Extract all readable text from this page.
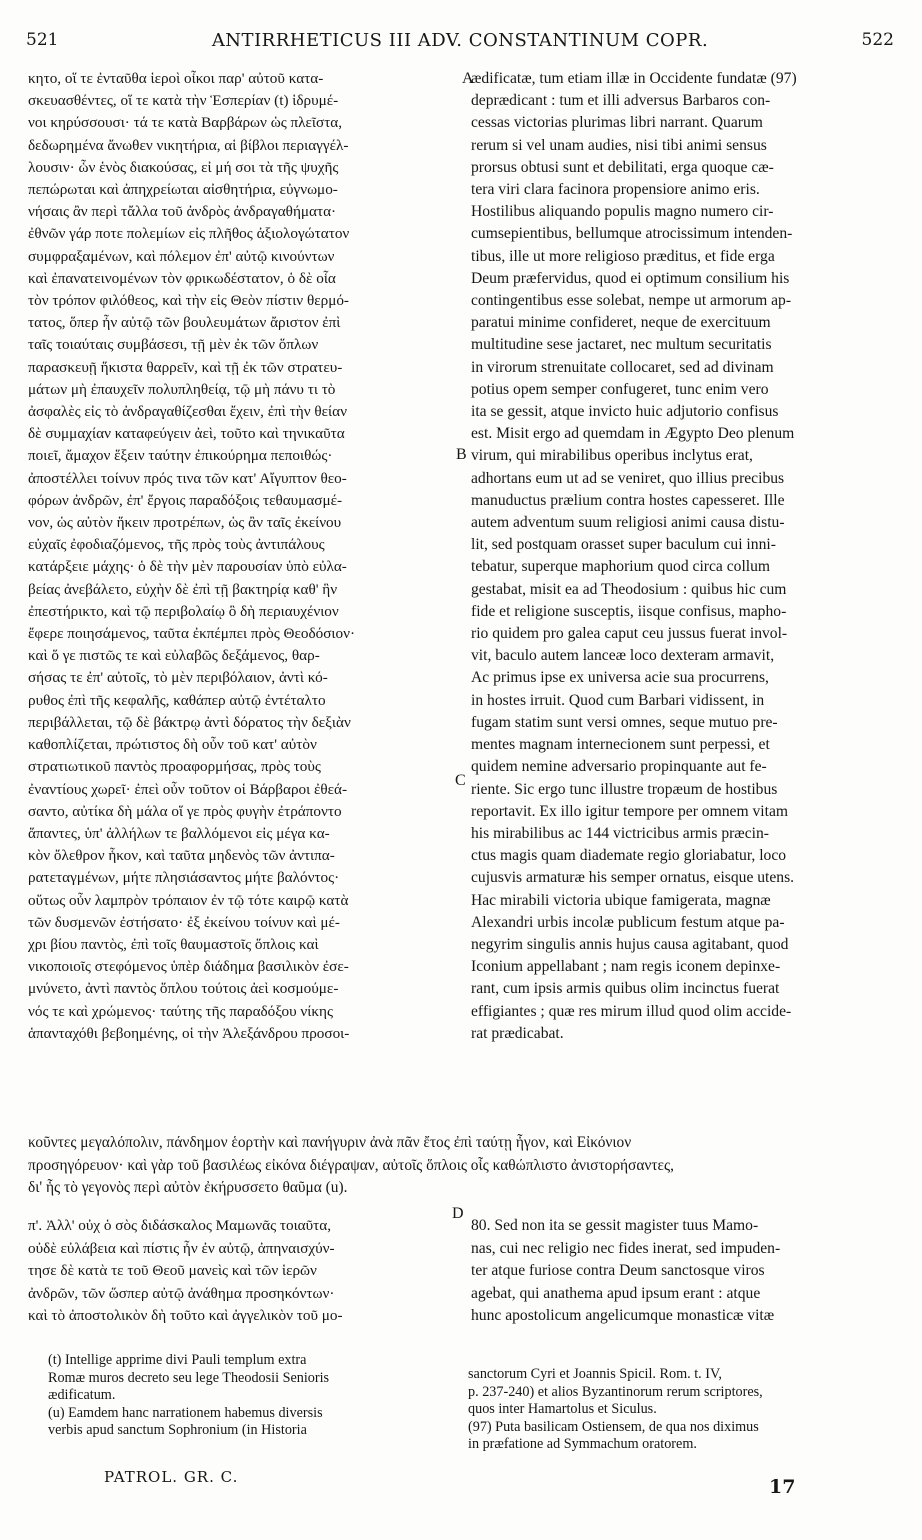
521	ANTIRRHETICUS III ADV. CONSTANTINUM COPR.	522
κητο, οἵ τε ἐνταῦθα ἱεροὶ οἶκοι παρ' αὐτοῦ κατα-
σκευασθέντες, οἵ τε κατὰ τὴν Ἑσπερίαν (t) ἱδρυμέ-
νοι κηρύσσουσι· τά τε κατὰ Βαρβάρων ὡς πλεῖστα,
δεδωρημένα ἄνωθεν νικητήρια, αἱ βίβλοι περιαγγέλ-
λουσιν· ὧν ἑνὸς διακούσας, εἰ μή σοι τὰ τῆς ψυχῆς
πεπώρωται καὶ ἀπηχρείωται αἰσθητήρια, εὐγνωμο-
νήσαις ἂν περὶ τἄλλα τοῦ ἀνδρὸς ἀνδραγαθήματα·
ἐθνῶν γάρ ποτε πολεμίων εἰς πλῆθος ἀξιολογώτατον
συμφραξαμένων, καὶ πόλεμον ἐπ' αὐτῷ κινούντων
καὶ ἐπανατεινομένων τὸν φρικωδέστατον, ὁ δὲ οἷα
τὸν τρόπον φιλόθεος, καὶ τὴν εἰς Θεὸν πίστιν θερμό-
τατος, ὅπερ ἦν αὐτῷ τῶν βουλευμάτων ἄριστον ἐπὶ
ταῖς τοιαύταις συμβάσεσι, τῇ μὲν ἐκ τῶν ὅπλων
παρασκευῇ ἥκιστα θαρρεῖν, καὶ τῇ ἐκ τῶν στρατευ-
μάτων μὴ ἐπαυχεῖν πολυπληθείᾳ, τῷ μὴ πάνυ τι τὸ
ἀσφαλὲς εἰς τὸ ἀνδραγαθίζεσθαι ἔχειν, ἐπὶ τὴν θείαν
δὲ συμμαχίαν καταφεύγειν ἀεὶ, τοῦτο καὶ τηνικαῦτα
ποιεῖ, ἄμαχον ἕξειν ταύτην ἐπικούρημα πεποιθώς·
ἀποστέλλει τοίνυν πρός τινα τῶν κατ' Αἴγυπτον θεο-
φόρων ἀνδρῶν, ἐπ' ἔργοις παραδόξοις τεθαυμασμέ-
νον, ὡς αὐτὸν ἥκειν προτρέπων, ὡς ἂν ταῖς ἐκείνου
εὐχαῖς ἐφοδιαζόμενος, τῆς πρὸς τοὺς ἀντιπάλους
κατάρξειε μάχης· ὁ δὲ τὴν μὲν παρουσίαν ὑπὸ εὐλα-
βείας ἀνεβάλετο, εὐχὴν δὲ ἐπὶ τῇ βακτηρίᾳ καθ' ἣν
ἐπεστήρικτο, καὶ τῷ περιβολαίῳ ὃ δὴ περιαυχένιον
ἔφερε ποιησάμενος, ταῦτα ἐκπέμπει πρὸς Θεοδόσιον·
καὶ ὅ γε πιστῶς τε καὶ εὐλαβῶς δεξάμενος, θαρ-
σήσας τε ἐπ' αὐτοῖς, τὸ μὲν περιβόλαιον, ἀντὶ κό-
ρυθος ἐπὶ τῆς κεφαλῆς, καθάπερ αὐτῷ ἐντέταλτο
περιβάλλεται, τῷ δὲ βάκτρῳ ἀντὶ δόρατος τὴν δεξιὰν
καθοπλίζεται, πρώτιστος δὴ οὖν τοῦ κατ' αὐτὸν
στρατιωτικοῦ παντὸς προαφορμήσας, πρὸς τοὺς
ἐναντίους χωρεῖ· ἐπεὶ οὖν τοῦτον οἱ Βάρβαροι ἐθεά-
σαντο, αὐτίκα δὴ μάλα οἵ γε πρὸς φυγὴν ἐτράποντο
ἅπαντες, ὑπ' ἀλλήλων τε βαλλόμενοι εἰς μέγα κα-
κὸν ὄλεθρον ἧκον, καὶ ταῦτα μηδενὸς τῶν ἀντιπα-
ρατεταγμένων, μήτε πλησιάσαντος μήτε βαλόντος·
οὕτως οὖν λαμπρὸν τρόπαιον ἐν τῷ τότε καιρῷ κατὰ
τῶν δυσμενῶν ἐστήσατο· ἐξ ἐκείνου τοίνυν καὶ μέ-
χρι βίου παντὸς, ἐπὶ τοῖς θαυμαστοῖς ὅπλοις καὶ
νικοποιοῖς στεφόμενος ὑπὲρ διάδημα βασιλικὸν ἐσε-
μνύνετο, ἀντὶ παντὸς ὅπλου τούτοις ἀεὶ κοσμούμε-
νός τε καὶ χρώμενος· ταύτης τῆς παραδόξου νίκης
ἁπανταχόθι βεβοημένης, οἱ τὴν Ἀλεξάνδρου προσοι-
ædificatæ, tum etiam illæ in Occidente fundatæ (97)
deprædicant : tum et illi adversus Barbaros con-
cessas victorias plurimas libri narrant. Quarum
rerum si vel unam audies, nisi tibi animi sensus
prorsus obtusi sunt et debilitati, erga quoque cæ-
tera viri clara facinora propensiore animo eris.
Hostilibus aliquando populis magno numero cir-
cumsepientibus, bellumque atrocissimum intenden-
tibus, ille ut more religioso præditus, et fide erga
Deum præfervidus, quod ei optimum consilium his
contingentibus esse solebat, nempe ut armorum ap-
paratui minime confideret, neque de exercituum
multitudine sese jactaret, nec multum securitatis
in virorum strenuitate collocaret, sed ad divinam
potius opem semper confugeret, tunc enim vero
ita se gessit, atque invicto huic adjutorio confisus
est. Misit ergo ad quemdam in Ægypto Deo plenum
virum, qui mirabilibus operibus inclytus erat,
adhortans eum ut ad se veniret, quo illius precibus
manuductus prælium contra hostes capesseret. Ille
autem adventum suum religiosi animi causa distu-
lit, sed postquam orasset super baculum cui inni-
tebatur, superque maphorium quod circa collum
gestabat, misit ea ad Theodosium : quibus hic cum
fide et religione susceptis, iisque confisus, mapho-
rio quidem pro galea caput ceu jussus fuerat invol-
vit, baculo autem lanceæ loco dexteram armavit,
Ac primus ipse ex universa acie sua procurrens,
in hostes irruit. Quod cum Barbari vidissent, in
fugam statim sunt versi omnes, seque mutuo pre-
mentes magnam internecionem sunt perpessi, et
quidem nemine adversario propinquante aut fe-
riente. Sic ergo tunc illustre tropæum de hostibus
reportavit. Ex illo igitur tempore per omnem vitam
his mirabilibus ac 144 victricibus armis præcin-
ctus magis quam diademate regio gloriabatur, loco
cujusvis armaturæ his semper ornatus, eisque utens.
Hac mirabili victoria ubique famigerata, magnæ
Alexandri urbis incolæ publicum festum atque pa-
negyrim singulis annis hujus causa agitabant, quod
Iconium appellabant ; nam regis iconem depinxe-
rant, cum ipsis armis quibus olim incinctus fuerat
effigiantes ; quæ res mirum illud quod olim accide-
rat prædicabat.
A
B
C
D
κοῦντες μεγαλόπολιν, πάνδημον ἑορτὴν καὶ πανήγυριν ἀνὰ πᾶν ἔτος ἐπὶ ταύτῃ ἦγον, καὶ Εἰκόνιον
προσηγόρευον· καὶ γὰρ τοῦ βασιλέως εἰκόνα διέγραψαν, αὐτοῖς ὅπλοις οἷς καθώπλιστο ἀνιστορήσαντες,
δι' ἧς τὸ γεγονὸς περὶ αὐτὸν ἐκήρυσσετο θαῦμα (u).
π'. Ἀλλ' οὐχ ὁ σὸς διδάσκαλος Μαμωνᾶς τοιαῦτα,
οὐδὲ εὐλάβεια καὶ πίστις ἦν ἐν αὐτῷ, ἀπηναισχύν-
τησε δὲ κατὰ τε τοῦ Θεοῦ μανεὶς καὶ τῶν ἱερῶν
ἀνδρῶν, τῶν ὥσπερ αὐτῷ ἀνάθημα προσηκόντων·
καὶ τὸ ἀποστολικὸν δὴ τοῦτο καὶ ἀγγελικὸν τοῦ μο-
80. Sed non ita se gessit magister tuus Mamo-
nas, cui nec religio nec fides inerat, sed impuden-
ter atque furiose contra Deum sanctosque viros
agebat, qui anathema apud ipsum erant : atque
hunc apostolicum angelicumque monasticæ vitæ
(t) Intellige apprime divi Pauli templum extra
Romæ muros decreto seu lege Theodosii Senioris
ædificatum.
(u) Eamdem hanc narrationem habemus diversis
verbis apud sanctum Sophronium (in Historia
sanctorum Cyri et Joannis Spicil. Rom. t. IV,
p. 237-240) et alios Byzantinorum rerum scriptores,
quos inter Hamartolus et Siculus.
(97) Puta basilicam Ostiensem, de qua nos diximus
in præfatione ad Symmachum oratorem.
PATROL. GR. C.	17
